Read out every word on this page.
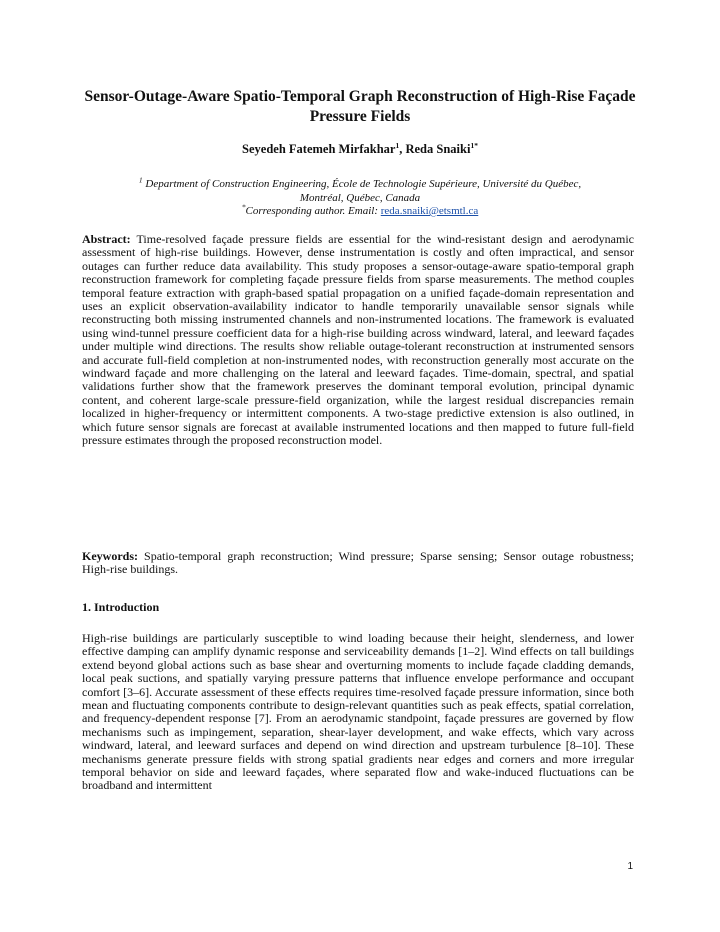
Sensor-Outage-Aware Spatio-Temporal Graph Reconstruction of High-Rise Façade Pressure Fields
Seyedeh Fatemeh Mirfakhar$^1$, Reda Snaiki$^{1*}$
$^1$ Department of Construction Engineering, École de Technologie Supérieure, Université du Québec,
Montréal, Québec, Canada
*Corresponding author. Email: reda.snaiki@etsmtl.ca
Abstract: Time-resolved façade pressure fields are essential for the wind-resistant design and aerodynamic assessment of high-rise buildings. However, dense instrumentation is costly and often impractical, and sensor outages can further reduce data availability. This study proposes a sensor-outage-aware spatio-temporal graph reconstruction framework for completing façade pressure fields from sparse measurements. The method couples temporal feature extraction with graph-based spatial propagation on a unified façade-domain representation and uses an explicit observation-availability indicator to handle temporarily unavailable sensor signals while reconstructing both missing instrumented channels and non-instrumented locations. The framework is evaluated using wind-tunnel pressure coefficient data for a high-rise building across windward, lateral, and leeward façades under multiple wind directions. The results show reliable outage-tolerant reconstruction at instrumented sensors and accurate full-field completion at non-instrumented nodes, with reconstruction generally most accurate on the windward façade and more challenging on the lateral and leeward façades. Time-domain, spectral, and spatial validations further show that the framework preserves the dominant temporal evolution, principal dynamic content, and coherent large-scale pressure-field organization, while the largest residual discrepancies remain localized in higher-frequency or intermittent components. A two-stage predictive extension is also outlined, in which future sensor signals are forecast at available instrumented locations and then mapped to future full-field pressure estimates through the proposed reconstruction model.
Keywords: Spatio-temporal graph reconstruction; Wind pressure; Sparse sensing; Sensor outage robustness; High-rise buildings.
1. Introduction
High-rise buildings are particularly susceptible to wind loading because their height, slenderness, and lower effective damping can amplify dynamic response and serviceability demands [1–2]. Wind effects on tall buildings extend beyond global actions such as base shear and overturning moments to include façade cladding demands, local peak suctions, and spatially varying pressure patterns that influence envelope performance and occupant comfort [3–6]. Accurate assessment of these effects requires time-resolved façade pressure information, since both mean and fluctuating components contribute to design-relevant quantities such as peak effects, spatial correlation, and frequency-dependent response [7]. From an aerodynamic standpoint, façade pressures are governed by flow mechanisms such as impingement, separation, shear-layer development, and wake effects, which vary across windward, lateral, and leeward surfaces and depend on wind direction and upstream turbulence [8–10]. These mechanisms generate pressure fields with strong spatial gradients near edges and corners and more irregular temporal behavior on side and leeward façades, where separated flow and wake-induced fluctuations can be broadband and intermittent
1
